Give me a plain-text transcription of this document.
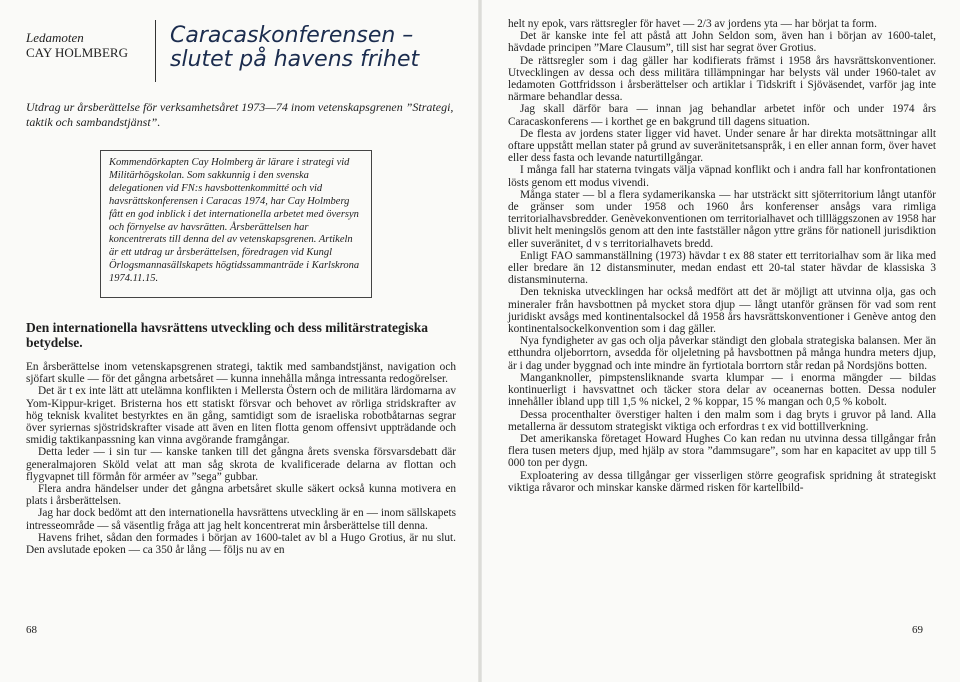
Ledamoten
CAY HOLMBERG
Caracaskonferensen –
slutet på havens frihet
Utdrag ur årsberättelse för verksamhetsåret 1973—74 inom vetenskapsgrenen ”Strategi, taktik och sambandstjänst”.

Kommendörkapten Cay Holmberg är lärare i strategi vid Militärhögskolan. Som sakkunnig i den svenska delegationen vid FN:s havsbottenkommitté och vid havsrättskonferensen i Caracas 1974, har Cay Holmberg fått en god inblick i det internationella arbetet med översyn och förnyelse av havsrätten. Årsberättelsen har koncentrerats till denna del av vetenskapsgrenen. Artikeln är ett utdrag ur årsberättelsen, föredragen vid Kungl Örlogsmannasällskapets högtidssammanträde i Karlskrona 1974.11.15.

Den internationella havsrättens utveckling och dess militärstrategiska betydelse.

En årsberättelse inom vetenskapsgrenen strategi, taktik med sambandstjänst, navigation och sjöfart skulle — för det gångna arbetsåret — kunna innehålla många intressanta redogörelser.

Det är t ex inte lätt att utelämna konflikten i Mellersta Östern och de militära lärdomarna av Yom-Kippur-kriget. Bristerna hos ett statiskt försvar och behovet av rörliga stridskrafter av hög teknisk kvalitet bestyrktes en än gång, samtidigt som de israeliska robotbåtarnas segrar över syriernas sjöstridskrafter visade att även en liten flotta genom offensivt uppträdande och smidig taktikanpassning kan vinna avgörande framgångar.

Detta leder — i sin tur — kanske tanken till det gångna årets svenska försvarsdebatt där generalmajoren Sköld velat att man såg skrota de kvalificerade delarna av flottan och flygvapnet till förmån för arméer av ”sega” gubbar.

Flera andra händelser under det gångna arbetsåret skulle säkert också kunna motivera en plats i årsberättelsen.

Jag har dock bedömt att den internationella havsrättens utveckling är en — inom sällskapets intresseområde — så väsentlig fråga att jag helt koncentrerat min årsberättelse till denna.

Havens frihet, sådan den formades i början av 1600-talet av bl a Hugo Grotius, är nu slut. Den avslutade epoken — ca 350 år lång — följs nu av en

68

helt ny epok, vars rättsregler för havet — 2/3 av jordens yta — har börjat ta form.

Det är kanske inte fel att påstå att John Seldon som, även han i början av 1600-talet, hävdade principen ”Mare Clausum”, till sist har segrat över Grotius.

De rättsregler som i dag gäller har kodifierats främst i 1958 års havsrättskonventioner. Utvecklingen av dessa och dess militära tillämpningar har belysts väl under 1960-talet av ledamoten Gottfridsson i årsberättelser och artiklar i Tidskrift i Sjöväsendet, varför jag inte närmare behandlar dessa.

Jag skall därför bara — innan jag behandlar arbetet inför och under 1974 års Caracaskonferens — i korthet ge en bakgrund till dagens situation.

De flesta av jordens stater ligger vid havet. Under senare år har direkta motsättningar allt oftare uppstått mellan stater på grund av suveränitetsanspråk, i en eller annan form, över havet eller dess fasta och levande naturtillgångar.

I många fall har staterna tvingats välja väpnad konflikt och i andra fall har konfrontationen lösts genom ett modus vivendi.

Många stater — bl a flera sydamerikanska — har utsträckt sitt sjöterritorium långt utanför de gränser som under 1958 och 1960 års konferenser ansågs vara rimliga territorialhavsbredder. Genèvekonventionen om territorialhavet och tillläggszonen av 1958 har blivit helt meningslös genom att den inte fastställer någon yttre gräns för nationell jurisdiktion eller suveränitet, d v s territorialhavets bredd.

Enligt FAO sammanställning (1973) hävdar t ex 88 stater ett territorialhav som är lika med eller bredare än 12 distansminuter, medan endast ett 20-tal stater hävdar de klassiska 3 distansminuterna.

Den tekniska utvecklingen har också medfört att det är möjligt att utvinna olja, gas och mineraler från havsbottnen på mycket stora djup — långt utanför gränsen för vad som rent juridiskt avsågs med kontinentalsockel då 1958 års havsrättskonventioner i Genève antog den kontinentalsockelkonvention som i dag gäller.

Nya fyndigheter av gas och olja påverkar ständigt den globala strategiska balansen. Mer än etthundra oljeborrtorn, avsedda för oljeletning på havsbottnen på många hundra meters djup, är i dag under byggnad och inte mindre än fyrtiotalа borrtorn står redan på Nordsjöns botten.

Manganknoller, pimpstensliknande svarta klumpar — i enorma mängder — bildas kontinuerligt i havsvattnet och täcker stora delar av oceanernas botten. Dessa noduler innehåller ibland upp till 1,5 % nickel, 2 % koppar, 15 % mangan och 0,5 % kobolt.

Dessa procenthalter överstiger halten i den malm som i dag bryts i gruvor på land. Alla metallerna är dessutom strategiskt viktiga och erfordras t ex vid bottillverkning.

Det amerikanska företaget Howard Hughes Co kan redan nu utvinna dessa tillgångar från flera tusen meters djup, med hjälp av stora ”dammsugare”, som har en kapacitet av upp till 5 000 ton per dygn.

Exploatering av dessa tillgångar ger visserligen större geografisk spridning åt strategiskt viktiga råvaror och minskar kanske därmed risken för kartellbild-

69
